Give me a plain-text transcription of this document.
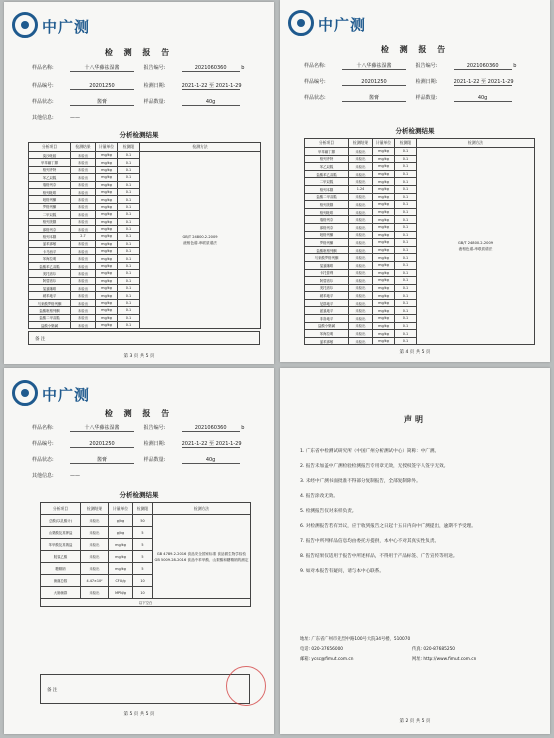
中广测
检 测 报 告
样品名称:	十八华藤祛湿酱	报告编号:	2021060360	b
样品编号:	20201250	检测日期:	2021-1-22 至 2021-1-29
样品状态:	酱膏	样品数量:	40g
其他信息:	——
分析检测结果
分析项目	检测结果	计量单位	检测限	检测方法
莫沙吡胺	未检出	mg/kg	0.1	GB/T 24800.2-2009
液相色谱-串联质谱法
甲苯磺丁脲	未检出	mg/kg	0.1	
格列齐特	未检出	mg/kg	0.1	
苯乙双胍	未检出	mg/kg	0.1	
瑞格列奈	未检出	mg/kg	0.1	
格列吡嗪	未检出	mg/kg	0.1	
吡格列酮	未检出	mg/kg	0.1	
罗格列酮	未检出	mg/kg	0.1	
二甲双胍	未检出	mg/kg	0.1	
格列美脲	未检出	mg/kg	0.1	
那格列奈	未检出	mg/kg	0.1	
格列本脲	2.7	mg/kg	0.1	
氯苯那敏	未检出	mg/kg	0.1	
卡马西平	未检出	mg/kg	0.1	
苯海拉明	未检出	mg/kg	0.1	
盐酸苯乙双胍	未检出	mg/kg	0.1	
美托洛尔	未检出	mg/kg	0.1	
阿替洛尔	未检出	mg/kg	0.1	
氢氯噻嗪	未检出	mg/kg	0.1	
硝苯地平	未检出	mg/kg	0.1	
马来酸罗格列酮	未检出	mg/kg	0.1	
盐酸吡格列酮	未检出	mg/kg	0.1	
盐酸二甲双胍	未检出	mg/kg	0.1	
盐酸小檗碱	未检出	mg/kg	0.1	
备 注
第 3 页 共 5 页
中广测
检 测 报 告
样品名称:	十八华藤祛湿酱	报告编号:	2021060360	b
样品编号:	20201250	检测日期:	2021-1-22 至 2021-1-29
样品状态:	酱膏	样品数量:	40g
分析检测结果
分析项目	检测结果	计量单位	检测限	检测方法
甲苯磺丁脲	未检出	mg/kg	0.1	GB/T 24800.2-2009
液相色谱-串联质谱法
格列齐特	未检出	mg/kg	0.1	
苯乙双胍	未检出	mg/kg	0.1	
盐酸苯乙双胍	未检出	mg/kg	0.1	
二甲双胍	未检出	mg/kg	0.1	
格列本脲	1.24	mg/kg	0.1	
盐酸二甲双胍	未检出	mg/kg	0.1	
格列美脲	未检出	mg/kg	0.1	
格列吡嗪	未检出	mg/kg	0.1	
瑞格列奈	未检出	mg/kg	0.1	
那格列奈	未检出	mg/kg	0.1	
吡格列酮	未检出	mg/kg	0.1	
罗格列酮	未检出	mg/kg	0.1	
盐酸吡格列酮	未检出	mg/kg	0.1	
马来酸罗格列酮	未检出	mg/kg	0.1	
氢氯噻嗪	未检出	mg/kg	0.1	
卡托普利	未检出	mg/kg	0.1	
阿替洛尔	未检出	mg/kg	0.1	
美托洛尔	未检出	mg/kg	0.1	
硝苯地平	未检出	mg/kg	0.1	
尼群地平	未检出	mg/kg	0.1	
氨氯地平	未检出	mg/kg	0.1	
非洛地平	未检出	mg/kg	0.1	
盐酸小檗碱	未检出	mg/kg	0.1	
苯海拉明	未检出	mg/kg	0.1	
氯苯那敏	未检出	mg/kg	0.1	
第 4 页 共 5 页
中广测
检 测 报 告
样品名称:	十八华藤祛湿酱	报告编号:	2021060360	b
样品编号:	20201250	检测日期:	2021-1-22 至 2021-1-29
样品状态:	酱膏	样品数量:	40g
其他信息:	——
分析检测结果
分析项目	检测结果	计量单位	检测限	检测方法
总酸(以乳酸计)	未检出	g/kg	50	GB 4789.2-2016 食品安全国家标准 食品微生物学检验
GB 5009.28-2016 食品中苯甲酸、山梨酸和糖精钠的测定
山梨酸及其钾盐	未检出	g/kg	5	
苯甲酸及其钠盐	未检出	mg/kg	5	
脱氢乙酸	未检出	mg/kg	5	
糖精钠	未检出	mg/kg	5	
菌落总数	4.47×10²	CFU/g	10	
大肠菌群	未检出	MPN/g	10	
以下空白				
备 注
第 5 页 共 5 页
声明

1. 广东省中检测试研究所（中国广州分析测试中心）简称：中广测。

2. 报告未加盖中广测检验检测报告专用章无效，无授权签字人签字无效。

3. 未经中广测书面批准不得部分复制报告，全部复制除外。

4. 报告涂改无效。

5. 检测报告仅对来样负责。

6. 对检测报告若有异议，应于收到报告之日起十五日内向中广测提出，逾期不予受理。

7. 报告中所列样品信息均由委托方提供，本中心不对其真实性负责。

8. 报告结果仅适用于报告中所述样品，不得用于产品标签、广告宣传等用途。

9. 如对本报告有疑问，请与本中心联系。

地址: 广东省广州市先烈中路100号大院34号楼，510070
电话: 020-37656000	传真: 020-87685250
邮箱: ycsc@fimut.com.cn	网址: http://www.fimut.com.cn
第 2 页 共 5 页
